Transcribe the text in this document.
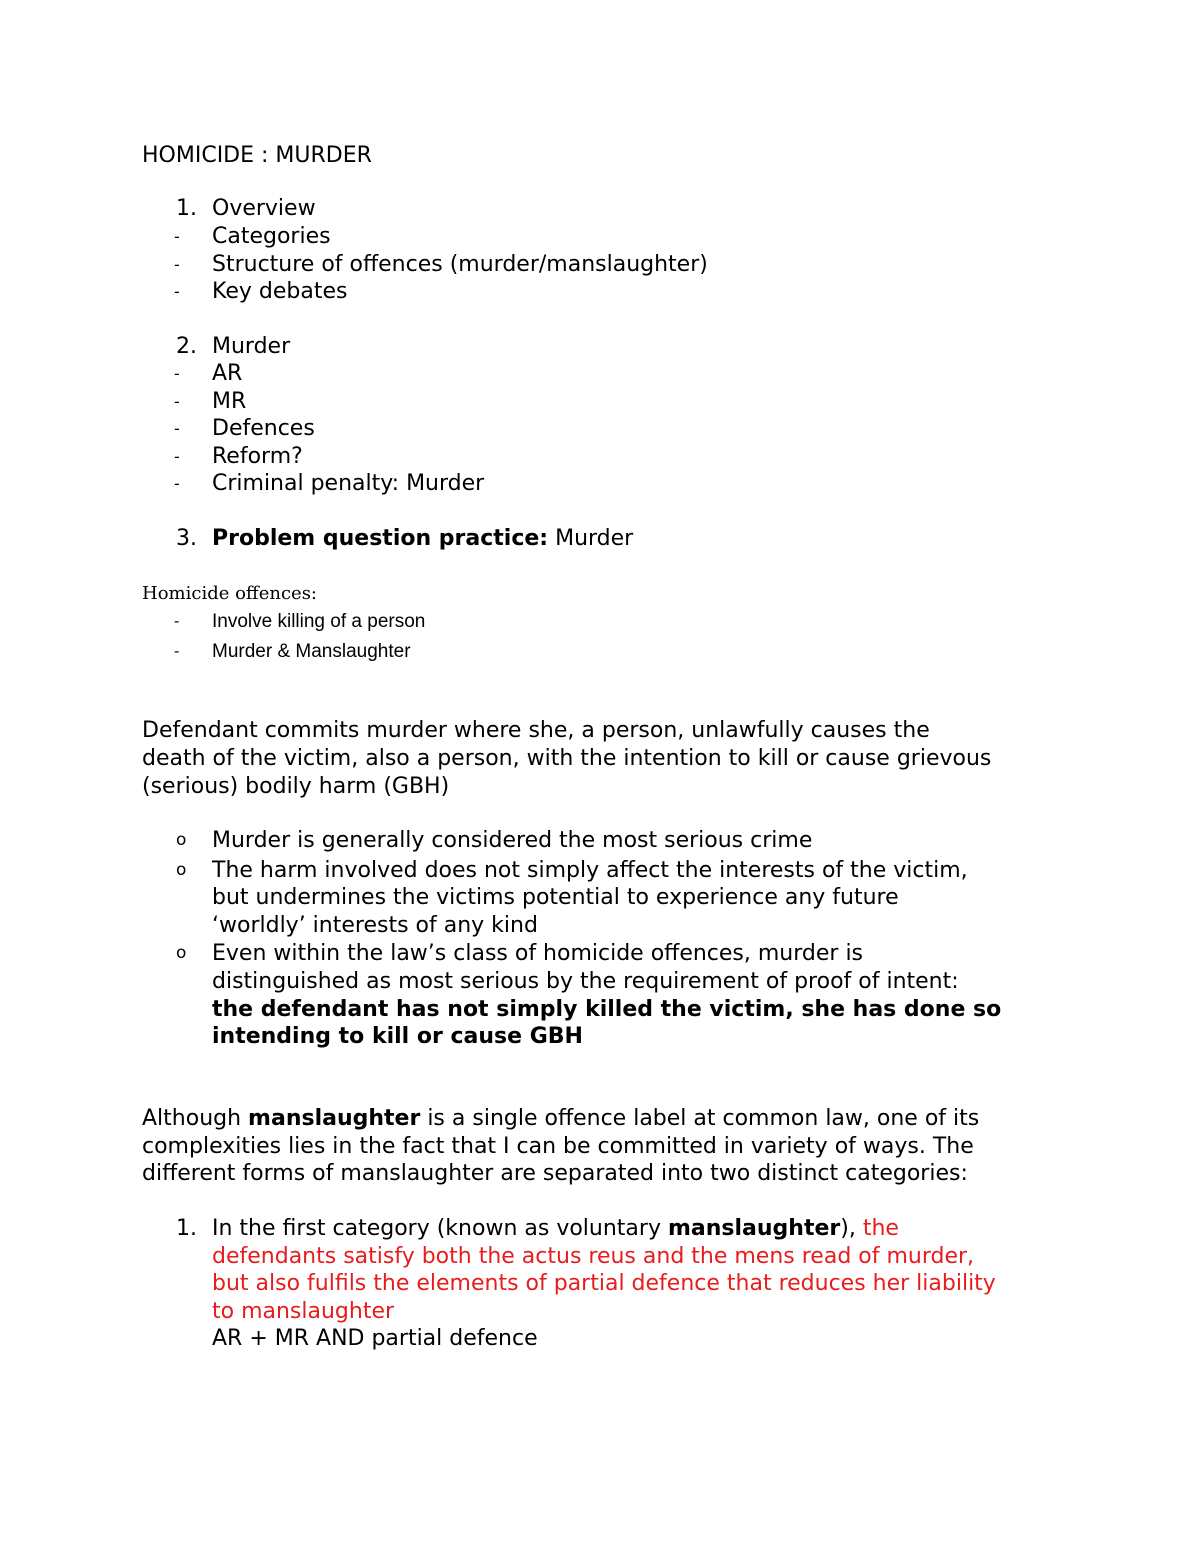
HOMICIDE : MURDER
1. Overview
- Categories
- Structure of offences (murder/manslaughter)
- Key debates
2. Murder
- AR
- MR
- Defences
- Reform?
- Criminal penalty: Murder
3. Problem question practice: Murder
Homicide offences:
- Involve killing of a person
- Murder & Manslaughter
Defendant commits murder where she, a person, unlawfully causes the
death of the victim, also a person, with the intention to kill or cause grievous
(serious) bodily harm (GBH)
o Murder is generally considered the most serious crime
o The harm involved does not simply affect the interests of the victim,
but undermines the victims potential to experience any future
‘worldly’ interests of any kind
o Even within the law’s class of homicide offences, murder is
distinguished as most serious by the requirement of proof of intent:
the defendant has not simply killed the victim, she has done so
intending to kill or cause GBH
Although manslaughter is a single offence label at common law, one of its
complexities lies in the fact that I can be committed in variety of ways. The
different forms of manslaughter are separated into two distinct categories:
1. In the first category (known as voluntary manslaughter), the
defendants satisfy both the actus reus and the mens read of murder,
but also fulfils the elements of partial defence that reduces her liability
to manslaughter
AR + MR AND partial defence
